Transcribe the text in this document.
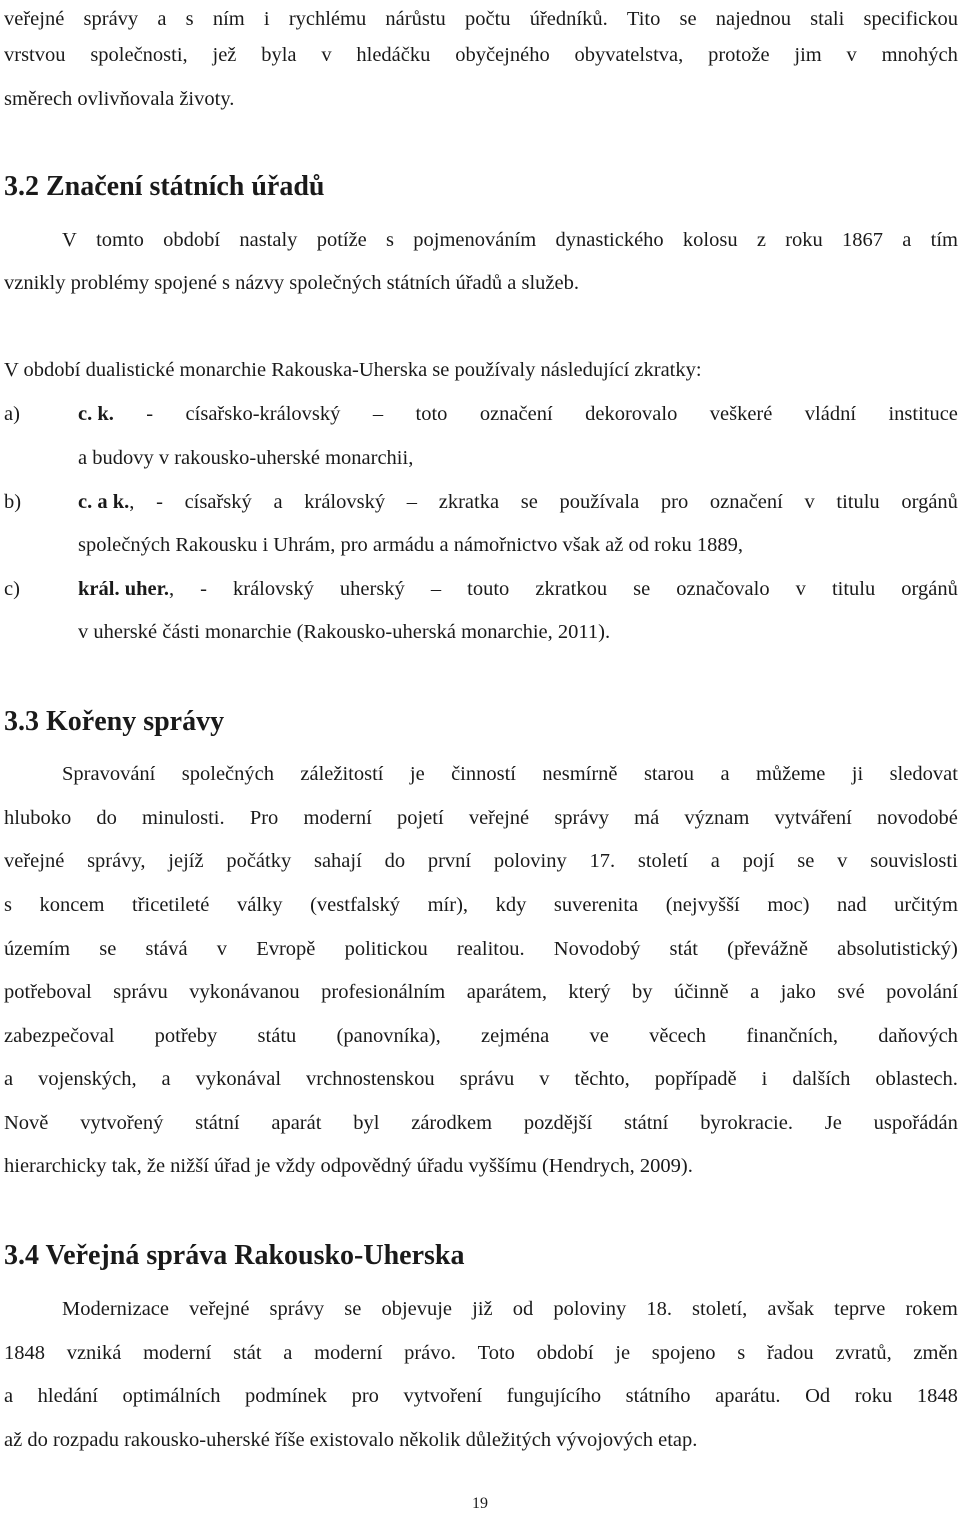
veřejné správy a s ním i rychlému nárůstu počtu úředníků. Tito se najednou stali specifickou
vrstvou společnosti, jež byla v hledáčku obyčejného obyvatelstva, protože jim v mnohých
směrech ovlivňovala životy.
3.2 Značení státních úřadů
V tomto období nastaly potíže s pojmenováním dynastického kolosu z roku 1867 a tím
vznikly problémy spojené s názvy společných státních úřadů a služeb.
V období dualistické monarchie Rakouska-Uherska se používaly následující zkratky:
a)	c. k. - císařsko-královský – toto označení dekorovalo veškeré vládní instituce
a budovy v rakousko-uherské monarchii,
b)	c. a k., - císařský a královský – zkratka se používala pro označení v titulu orgánů
společných Rakousku i Uhrám, pro armádu a námořnictvo však až od roku 1889,
c)	král. uher., - královský uherský – touto zkratkou se označovalo v titulu orgánů
v uherské části monarchie (Rakousko-uherská monarchie, 2011).
3.3 Kořeny správy
Spravování společných záležitostí je činností nesmírně starou a můžeme ji sledovat
hluboko do minulosti. Pro moderní pojetí veřejné správy má význam vytváření novodobé
veřejné správy, jejíž počátky sahají do první poloviny 17. století a pojí se v souvislosti
s koncem třicetileté války (vestfalský mír), kdy suverenita (nejvyšší moc) nad určitým
územím se stává v Evropě politickou realitou. Novodobý stát (převážně absolutistický)
potřeboval správu vykonávanou profesionálním aparátem, který by účinně a jako své povolání
zabezpečoval potřeby státu (panovníka), zejména ve věcech finančních, daňových
a vojenských, a vykonával vrchnostenskou správu v těchto, popřípadě i dalších oblastech.
Nově vytvořený státní aparát byl zárodkem pozdější státní byrokracie. Je uspořádán
hierarchicky tak, že nižší úřad je vždy odpovědný úřadu vyššímu (Hendrych, 2009).
3.4 Veřejná správa Rakousko-Uherska
Modernizace veřejné správy se objevuje již od poloviny 18. století, avšak teprve rokem
1848 vzniká moderní stát a moderní právo. Toto období je spojeno s řadou zvratů, změn
a hledání optimálních podmínek pro vytvoření fungujícího státního aparátu. Od roku 1848
až do rozpadu rakousko-uherské říše existovalo několik důležitých vývojových etap.
19
